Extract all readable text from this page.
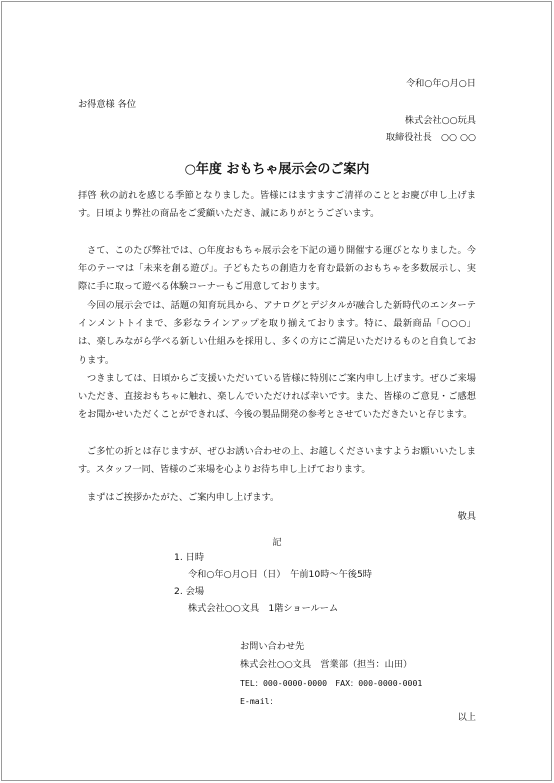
令和○年○月○日
お得意様 各位
株式会社○○玩具
取締役社長　○○ ○○
○年度 おもちゃ展示会のご案内
拝啓 秋の訪れを感じる季節となりました。皆様にはますますご清祥のこととお慶び申し上げます。日頃より弊社の商品をご愛顧いただき、誠にありがとうございます。
さて、このたび弊社では、○年度おもちゃ展示会を下記の通り開催する運びとなりました。今年のテーマは「未来を創る遊び」。子どもたちの創造力を育む最新のおもちゃを多数展示し、実際に手に取って遊べる体験コーナーもご用意しております。
今回の展示会では、話題の知育玩具から、アナログとデジタルが融合した新時代のエンターテインメントトイまで、多彩なラインアップを取り揃えております。特に、最新商品「○○○」は、楽しみながら学べる新しい仕組みを採用し、多くの方にご満足いただけるものと自負しております。
つきましては、日頃からご支援いただいている皆様に特別にご案内申し上げます。ぜひご来場いただき、直接おもちゃに触れ、楽しんでいただければ幸いです。また、皆様のご意見・ご感想をお聞かせいただくことができれば、今後の製品開発の参考とさせていただきたいと存じます。
ご多忙の折とは存じますが、ぜひお誘い合わせの上、お越しくださいますようお願いいたします。スタッフ一同、皆様のご来場を心よりお待ち申し上げております。
まずはご挨拶かたがた、ご案内申し上げます。
敬具
記
1. 日時
令和○年○月○日（日）　午前10時～午後5時
2. 会場
株式会社○○文具　1階ショールーム
お問い合わせ先
株式会社○○文具　営業部（担当：山田）
TEL：000-0000-0000　FAX：000-0000-0001
E-mail：
以上
